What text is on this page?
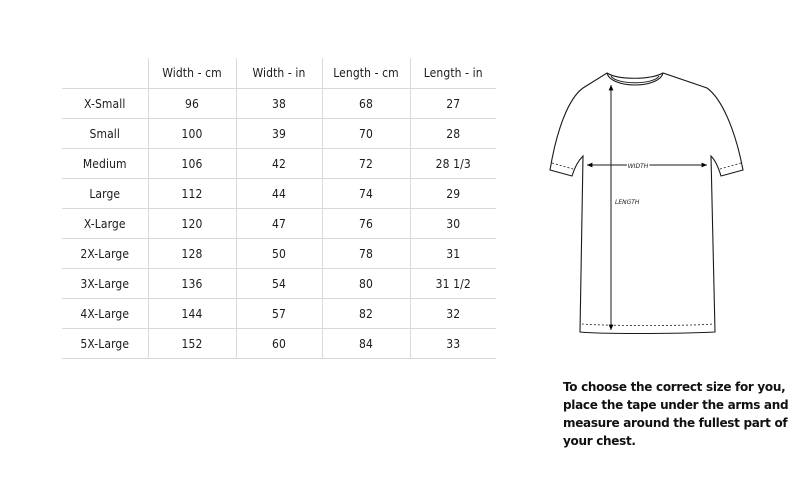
	Width - cm	Width - in	Length - cm	Length - in
X-Small	96	38	68	27
Small	100	39	70	28
Medium	106	42	72	28 1/3
Large	112	44	74	29
X-Large	120	47	76	30
2X-Large	128	50	78	31
3X-Large	136	54	80	31 1/2
4X-Large	144	57	82	32
5X-Large	152	60	84	33
WIDTH
LENGTH
To choose the correct size for you,
place the tape under the arms and
measure around the fullest part of
your chest.
